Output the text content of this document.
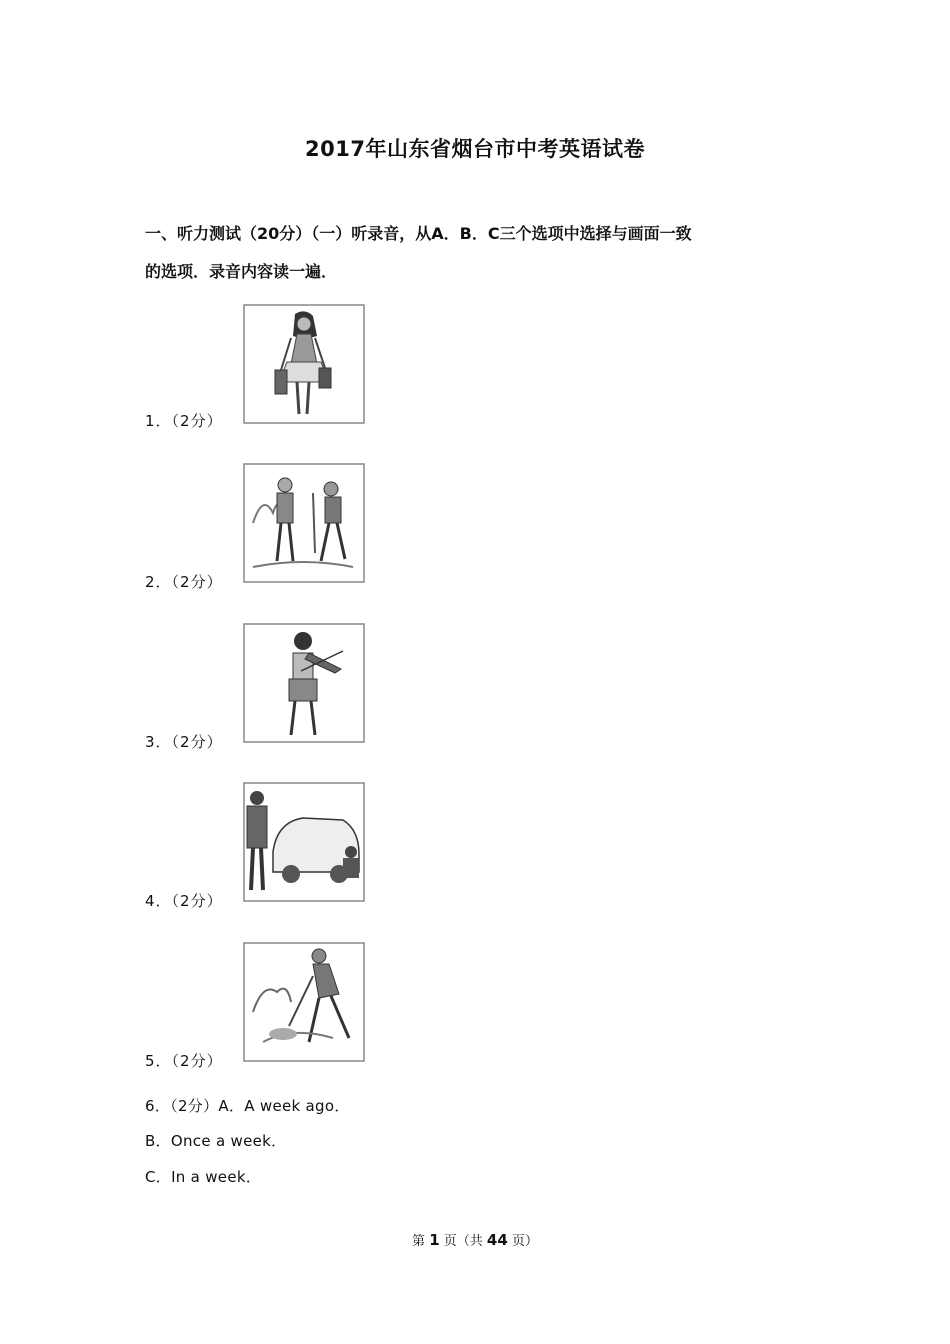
2017年山东省烟台市中考英语试卷
一、听力测试（20分）（一）听录音，从A．B．C三个选项中选择与画面一致
的选项．录音内容读一遍．
1．（2分）
2．（2分）
3．（2分）
4．（2分）
5．（2分）
6．（2分）A．A week ago．
B．Once a week．
C．In a week．
第 1 页（共 44 页）
